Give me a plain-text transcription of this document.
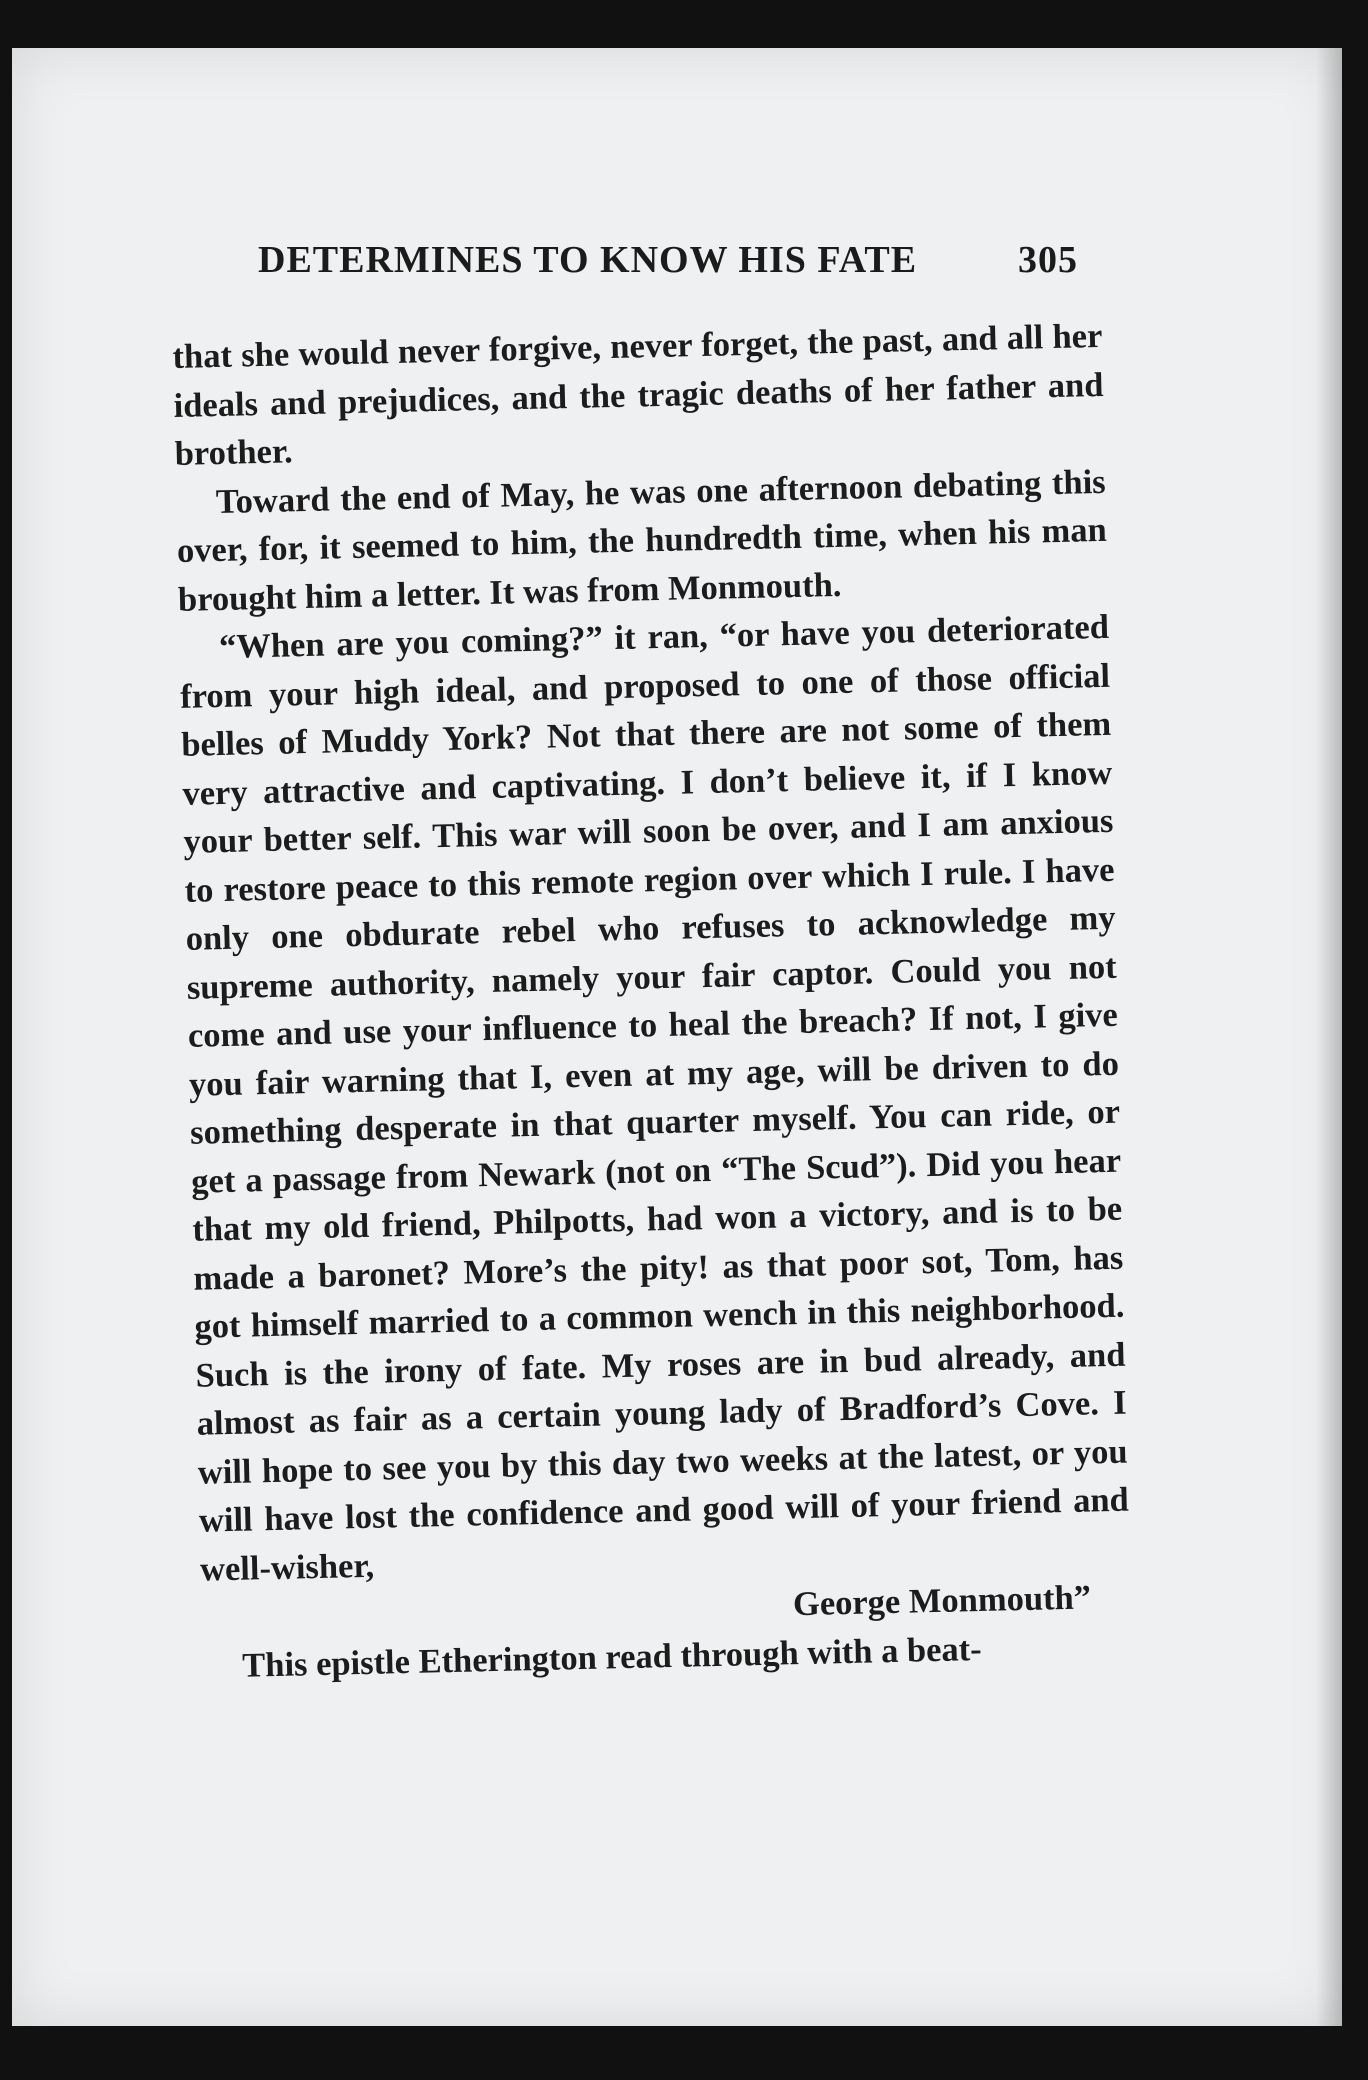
DETERMINES TO KNOW HIS FATE	305

that she would never forgive, never forget, the past, and all her ideals and prejudices, and the tragic deaths of her father and brother.

Toward the end of May, he was one afternoon debating this over, for, it seemed to him, the hundredth time, when his man brought him a letter. It was from Monmouth.

“When are you coming?” it ran, “or have you deteriorated from your high ideal, and proposed to one of those official belles of Muddy York? Not that there are not some of them very attractive and captivating. I don’t believe it, if I know your better self. This war will soon be over, and I am anxious to restore peace to this remote region over which I rule. I have only one obdurate rebel who refuses to acknowledge my supreme authority, namely your fair captor. Could you not come and use your influence to heal the breach? If not, I give you fair warning that I, even at my age, will be driven to do something desperate in that quarter myself. You can ride, or get a passage from Newark (not on “The Scud”). Did you hear that my old friend, Philpotts, had won a victory, and is to be made a baronet? More’s the pity! as that poor sot, Tom, has got himself married to a common wench in this neighborhood. Such is the irony of fate. My roses are in bud already, and almost as fair as a certain young lady of Bradford’s Cove. I will hope to see you by this day two weeks at the latest, or you will have lost the confidence and good will of your friend and well-wisher,

George Monmouth”

This epistle Etherington read through with a beat-
